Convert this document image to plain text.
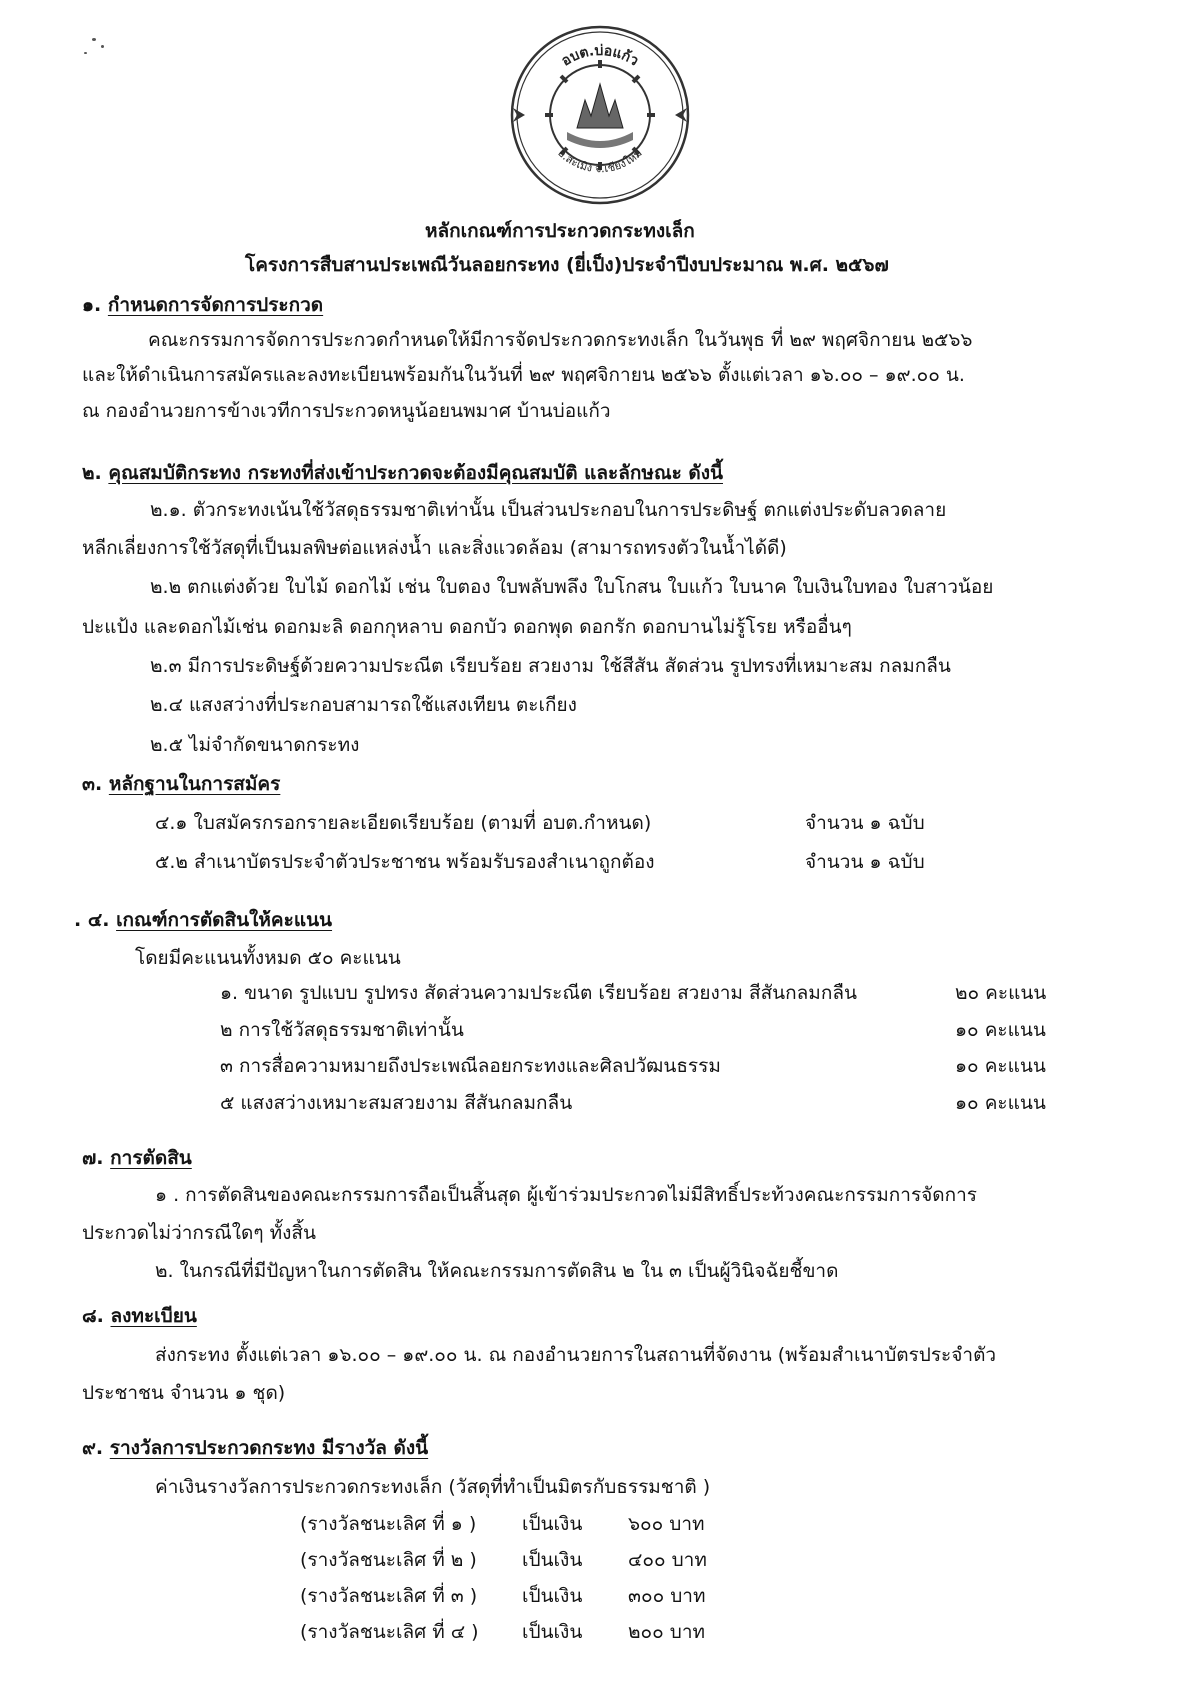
อบต.บ่อแก้ว
อ.สะเมิง จ.เชียงใหม่
หลักเกณฑ์การประกวดกระทงเล็ก
โครงการสืบสานประเพณีวันลอยกระทง (ยี่เป็ง)ประจำปีงบประมาณ พ.ศ. ๒๕๖๗
๑. กำหนดการจัดการประกวด
คณะกรรมการจัดการประกวดกำหนดให้มีการจัดประกวดกระทงเล็ก ในวันพุธ ที่ ๒๙ พฤศจิกายน ๒๕๖๖
และให้ดำเนินการสมัครและลงทะเบียนพร้อมกันในวันที่ ๒๙ พฤศจิกายน ๒๕๖๖ ตั้งแต่เวลา ๑๖.๐๐ – ๑๙.๐๐ น.
ณ กองอำนวยการข้างเวทีการประกวดหนูน้อยนพมาศ บ้านบ่อแก้ว
๒. คุณสมบัติกระทง กระทงที่ส่งเข้าประกวดจะต้องมีคุณสมบัติ และลักษณะ ดังนี้
๒.๑. ตัวกระทงเน้นใช้วัสดุธรรมชาติเท่านั้น เป็นส่วนประกอบในการประดิษฐ์ ตกแต่งประดับลวดลาย
หลีกเลี่ยงการใช้วัสดุที่เป็นมลพิษต่อแหล่งน้ำ และสิ่งแวดล้อม (สามารถทรงตัวในน้ำได้ดี)
๒.๒ ตกแต่งด้วย ใบไม้ ดอกไม้ เช่น ใบตอง ใบพลับพลึง ใบโกสน ใบแก้ว ใบนาค ใบเงินใบทอง ใบสาวน้อย
ปะแป้ง และดอกไม้เช่น ดอกมะลิ ดอกกุหลาบ ดอกบัว ดอกพุด ดอกรัก ดอกบานไม่รู้โรย หรืออื่นๆ
๒.๓ มีการประดิษฐ์ด้วยความประณีต เรียบร้อย สวยงาม ใช้สีสัน สัดส่วน รูปทรงที่เหมาะสม กลมกลืน
๒.๔ แสงสว่างที่ประกอบสามารถใช้แสงเทียน ตะเกียง
๒.๕ ไม่จำกัดขนาดกระทง
๓. หลักฐานในการสมัคร
๔.๑ ใบสมัครกรอกรายละเอียดเรียบร้อย (ตามที่ อบต.กำหนด)	จำนวน ๑ ฉบับ
๕.๒ สำเนาบัตรประจำตัวประชาชน พร้อมรับรองสำเนาถูกต้อง	จำนวน ๑ ฉบับ
. ๔. เกณฑ์การตัดสินให้คะแนน
โดยมีคะแนนทั้งหมด ๕๐ คะแนน
๑. ขนาด รูปแบบ รูปทรง สัดส่วนความประณีต เรียบร้อย สวยงาม สีสันกลมกลืน	๒๐ คะแนน
๒ การใช้วัสดุธรรมชาติเท่านั้น	๑๐ คะแนน
๓ การสื่อความหมายถึงประเพณีลอยกระทงและศิลปวัฒนธรรม	๑๐ คะแนน
๕ แสงสว่างเหมาะสมสวยงาม สีสันกลมกลืน	๑๐ คะแนน
๗. การตัดสิน
๑ . การตัดสินของคณะกรรมการถือเป็นสิ้นสุด ผู้เข้าร่วมประกวดไม่มีสิทธิ์ประท้วงคณะกรรมการจัดการ
ประกวดไม่ว่ากรณีใดๆ ทั้งสิ้น
๒. ในกรณีที่มีปัญหาในการตัดสิน ให้คณะกรรมการตัดสิน ๒ ใน ๓ เป็นผู้วินิจฉัยชี้ขาด
๘. ลงทะเบียน
ส่งกระทง ตั้งแต่เวลา ๑๖.๐๐ – ๑๙.๐๐ น. ณ กองอำนวยการในสถานที่จัดงาน (พร้อมสำเนาบัตรประจำตัว
ประชาชน จำนวน ๑ ชุด)
๙. รางวัลการประกวดกระทง มีรางวัล ดังนี้
ค่าเงินรางวัลการประกวดกระทงเล็ก (วัสดุที่ทำเป็นมิตรกับธรรมชาติ )
(รางวัลชนะเลิศ ที่ ๑ ) เป็นเงิน ๖๐๐ บาท
(รางวัลชนะเลิศ ที่ ๒ ) เป็นเงิน ๔๐๐ บาท
(รางวัลชนะเลิศ ที่ ๓ ) เป็นเงิน ๓๐๐ บาท
(รางวัลชนะเลิศ ที่ ๔ ) เป็นเงิน ๒๐๐ บาท
